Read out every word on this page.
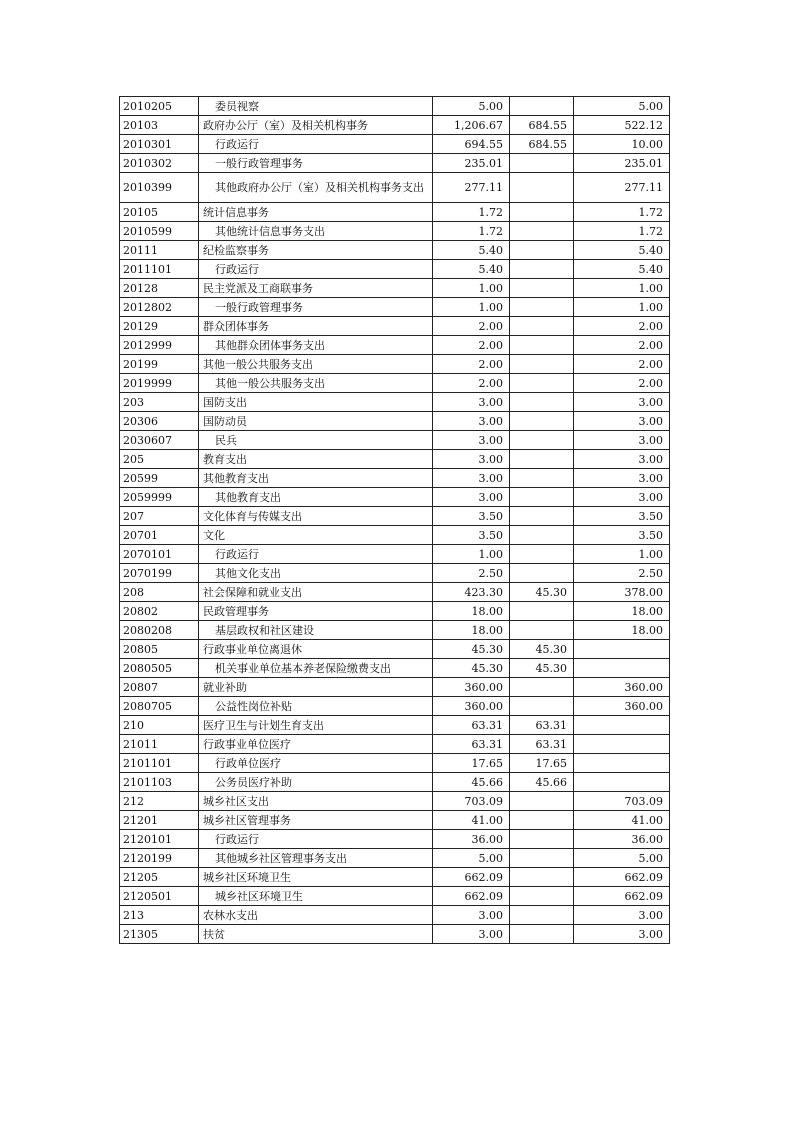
2010205	委员视察	5.00		5.00
20103	政府办公厅（室）及相关机构事务	1,206.67	684.55	522.12
2010301	行政运行	694.55	684.55	10.00
2010302	一般行政管理事务	235.01		235.01
2010399	其他政府办公厅（室）及相关机构事务支出	277.11		277.11
20105	统计信息事务	1.72		1.72
2010599	其他统计信息事务支出	1.72		1.72
20111	纪检监察事务	5.40		5.40
2011101	行政运行	5.40		5.40
20128	民主党派及工商联事务	1.00		1.00
2012802	一般行政管理事务	1.00		1.00
20129	群众团体事务	2.00		2.00
2012999	其他群众团体事务支出	2.00		2.00
20199	其他一般公共服务支出	2.00		2.00
2019999	其他一般公共服务支出	2.00		2.00
203	国防支出	3.00		3.00
20306	国防动员	3.00		3.00
2030607	民兵	3.00		3.00
205	教育支出	3.00		3.00
20599	其他教育支出	3.00		3.00
2059999	其他教育支出	3.00		3.00
207	文化体育与传媒支出	3.50		3.50
20701	文化	3.50		3.50
2070101	行政运行	1.00		1.00
2070199	其他文化支出	2.50		2.50
208	社会保障和就业支出	423.30	45.30	378.00
20802	民政管理事务	18.00		18.00
2080208	基层政权和社区建设	18.00		18.00
20805	行政事业单位离退休	45.30	45.30	
2080505	机关事业单位基本养老保险缴费支出	45.30	45.30	
20807	就业补助	360.00		360.00
2080705	公益性岗位补贴	360.00		360.00
210	医疗卫生与计划生育支出	63.31	63.31	
21011	行政事业单位医疗	63.31	63.31	
2101101	行政单位医疗	17.65	17.65	
2101103	公务员医疗补助	45.66	45.66	
212	城乡社区支出	703.09		703.09
21201	城乡社区管理事务	41.00		41.00
2120101	行政运行	36.00		36.00
2120199	其他城乡社区管理事务支出	5.00		5.00
21205	城乡社区环境卫生	662.09		662.09
2120501	城乡社区环境卫生	662.09		662.09
213	农林水支出	3.00		3.00
21305	扶贫	3.00		3.00
